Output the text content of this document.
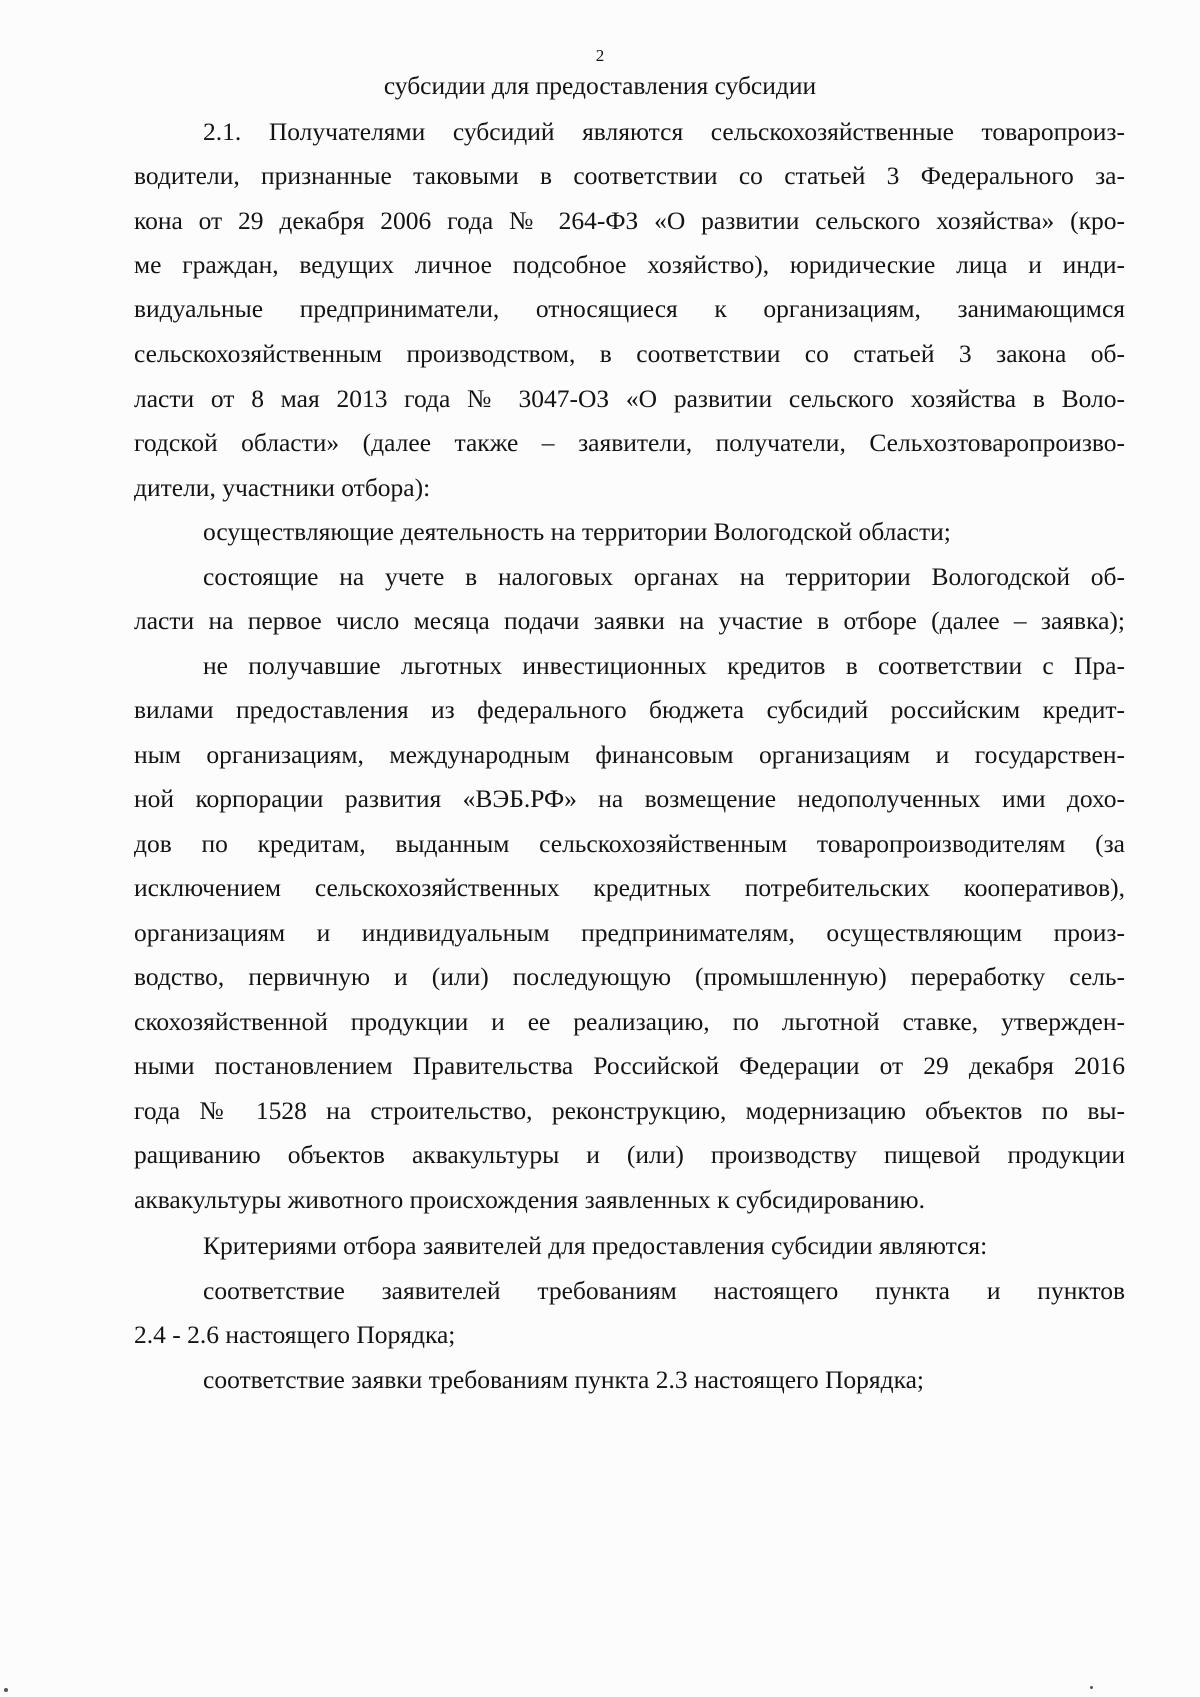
2
субсидии для предоставления субсидии
2.1. Получателями субсидий являются сельскохозяйственные товаропроиз-
водители, признанные таковыми в соответствии со статьей 3 Федерального за-
кона от 29 декабря 2006 года № 264-ФЗ «О развитии сельского хозяйства» (кро-
ме граждан, ведущих личное подсобное хозяйство), юридические лица и инди-
видуальные предприниматели, относящиеся к организациям, занимающимся
сельскохозяйственным производством, в соответствии со статьей 3 закона об-
ласти от 8 мая 2013 года № 3047-ОЗ «О развитии сельского хозяйства в Воло-
годской области» (далее также – заявители, получатели, Сельхозтоваропроизво-
дители, участники отбора):
осуществляющие деятельность на территории Вологодской области;
состоящие на учете в налоговых органах на территории Вологодской об-
ласти на первое число месяца подачи заявки на участие в отборе (далее – заявка);
не получавшие льготных инвестиционных кредитов в соответствии с Пра-
вилами предоставления из федерального бюджета субсидий российским кредит-
ным организациям, международным финансовым организациям и государствен-
ной корпорации развития «ВЭБ.РФ» на возмещение недополученных ими дохо-
дов по кредитам, выданным сельскохозяйственным товаропроизводителям (за
исключением сельскохозяйственных кредитных потребительских кооперативов),
организациям и индивидуальным предпринимателям, осуществляющим произ-
водство, первичную и (или) последующую (промышленную) переработку сель-
скохозяйственной продукции и ее реализацию, по льготной ставке, утвержден-
ными постановлением Правительства Российской Федерации от 29 декабря 2016
года № 1528 на строительство, реконструкцию, модернизацию объектов по вы-
ращиванию объектов аквакультуры и (или) производству пищевой продукции
аквакультуры животного происхождения заявленных к субсидированию.
Критериями отбора заявителей для предоставления субсидии являются:
соответствие заявителей требованиям настоящего пункта и пунктов
2.4 - 2.6 настоящего Порядка;
соответствие заявки требованиям пункта 2.3 настоящего Порядка;
